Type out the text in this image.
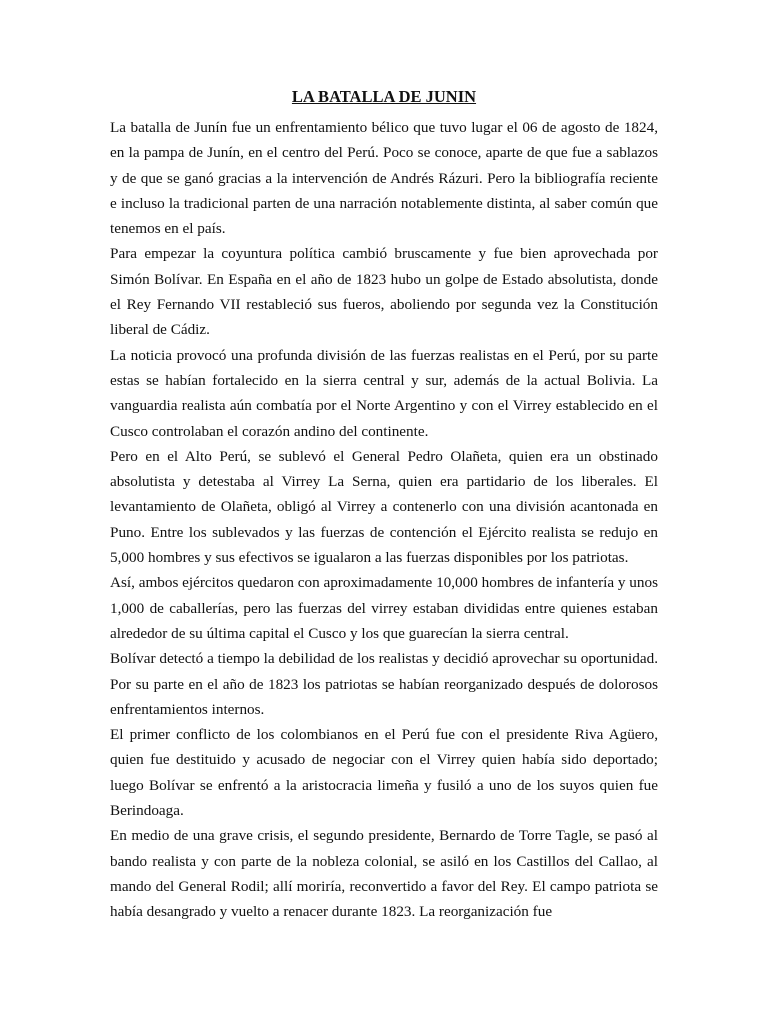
LA BATALLA DE JUNIN

La batalla de Junín fue un enfrentamiento bélico que tuvo lugar el 06 de agosto de 1824, en la pampa de Junín, en el centro del Perú. Poco se conoce, aparte de que fue a sablazos y de que se ganó gracias a la intervención de Andrés Rázuri. Pero la bibliografía reciente e incluso la tradicional parten de una narración notablemente distinta, al saber común que tenemos en el país.

Para empezar la coyuntura política cambió bruscamente y fue bien aprovechada por Simón Bolívar. En España en el año de 1823 hubo un golpe de Estado absolutista, donde el Rey Fernando VII restableció sus fueros, aboliendo por segunda vez la Constitución liberal de Cádiz.

La noticia provocó una profunda división de las fuerzas realistas en el Perú, por su parte estas se habían fortalecido en la sierra central y sur, además de la actual Bolivia. La vanguardia realista aún combatía por el Norte Argentino y con el Virrey establecido en el Cusco controlaban el corazón andino del continente.

Pero en el Alto Perú, se sublevó el General Pedro Olañeta, quien era un obstinado absolutista y detestaba al Virrey La Serna, quien era partidario de los liberales. El levantamiento de Olañeta, obligó al Virrey a contenerlo con una división acantonada en Puno. Entre los sublevados y las fuerzas de contención el Ejército realista se redujo en 5,000 hombres y sus efectivos se igualaron a las fuerzas disponibles por los patriotas.

Así, ambos ejércitos quedaron con aproximadamente 10,000 hombres de infantería y unos 1,000 de caballerías, pero las fuerzas del virrey estaban divididas entre quienes estaban alrededor de su última capital el Cusco y los que guarecían la sierra central.

Bolívar detectó a tiempo la debilidad de los realistas y decidió aprovechar su oportunidad. Por su parte en el año de 1823 los patriotas se habían reorganizado después de dolorosos enfrentamientos internos.

El primer conflicto de los colombianos en el Perú fue con el presidente Riva Agüero, quien fue destituido y acusado de negociar con el Virrey quien había sido deportado; luego Bolívar se enfrentó a la aristocracia limeña y fusiló a uno de los suyos quien fue Berindoaga.

En medio de una grave crisis, el segundo presidente, Bernardo de Torre Tagle, se pasó al bando realista y con parte de la nobleza colonial, se asiló en los Castillos del Callao, al mando del General Rodil; allí moriría, reconvertido a favor del Rey. El campo patriota se había desangrado y vuelto a renacer durante 1823. La reorganización fue
